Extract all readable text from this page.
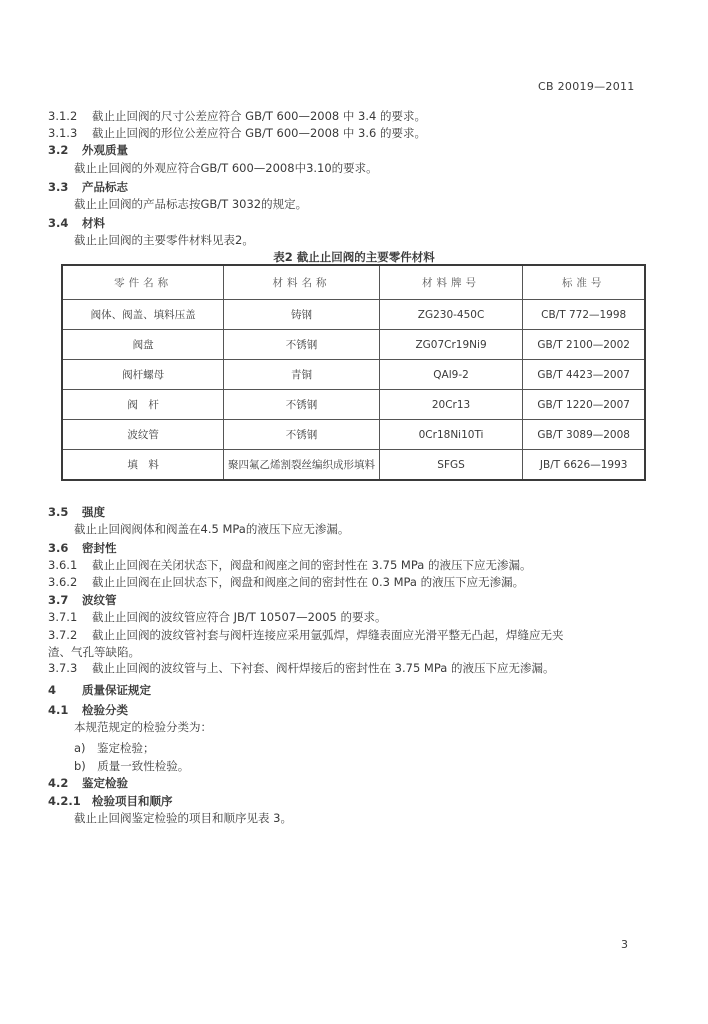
CB 20019—2011
3.1.2 截止止回阀的尺寸公差应符合 GB/T 600—2008 中 3.4 的要求。
3.1.3 截止止回阀的形位公差应符合 GB/T 600—2008 中 3.6 的要求。
3.2 外观质量
截止止回阀的外观应符合GB/T 600—2008中3.10的要求。
3.3 产品标志
截止止回阀的产品标志按GB/T 3032的规定。
3.4 材料
截止止回阀的主要零件材料见表2。
表2 截止止回阀的主要零件材料
零件名称	材料名称	材料牌号	标准号
阀体、阀盖、填料压盖	铸钢	ZG230-450C	CB/T 772—1998
阀盘	不锈钢	ZG07Cr19Ni9	GB/T 2100—2002
阀杆螺母	青铜	QAl9-2	GB/T 4423—2007
阀　杆	不锈钢	20Cr13	GB/T 1220—2007
波纹管	不锈钢	0Cr18Ni10Ti	GB/T 3089—2008
填　料	聚四氟乙烯割裂丝编织成形填料	SFGS	JB/T 6626—1993
3.5 强度
截止止回阀阀体和阀盖在4.5 MPa的液压下应无渗漏。
3.6 密封性
3.6.1 截止止回阀在关闭状态下，阀盘和阀座之间的密封性在 3.75 MPa 的液压下应无渗漏。
3.6.2 截止止回阀在止回状态下，阀盘和阀座之间的密封性在 0.3 MPa 的液压下应无渗漏。
3.7 波纹管
3.7.1 截止止回阀的波纹管应符合 JB/T 10507—2005 的要求。
3.7.2 截止止回阀的波纹管衬套与阀杆连接应采用氩弧焊，焊缝表面应光滑平整无凸起，焊缝应无夹
渣、气孔等缺陷。
3.7.3 截止止回阀的波纹管与上、下衬套、阀杆焊接后的密封性在 3.75 MPa 的液压下应无渗漏。
4 质量保证规定
4.1 检验分类
本规范规定的检验分类为：
a)　鉴定检验；
b)　质量一致性检验。
4.2 鉴定检验
4.2.1 检验项目和顺序
截止止回阀鉴定检验的项目和顺序见表 3。
3
